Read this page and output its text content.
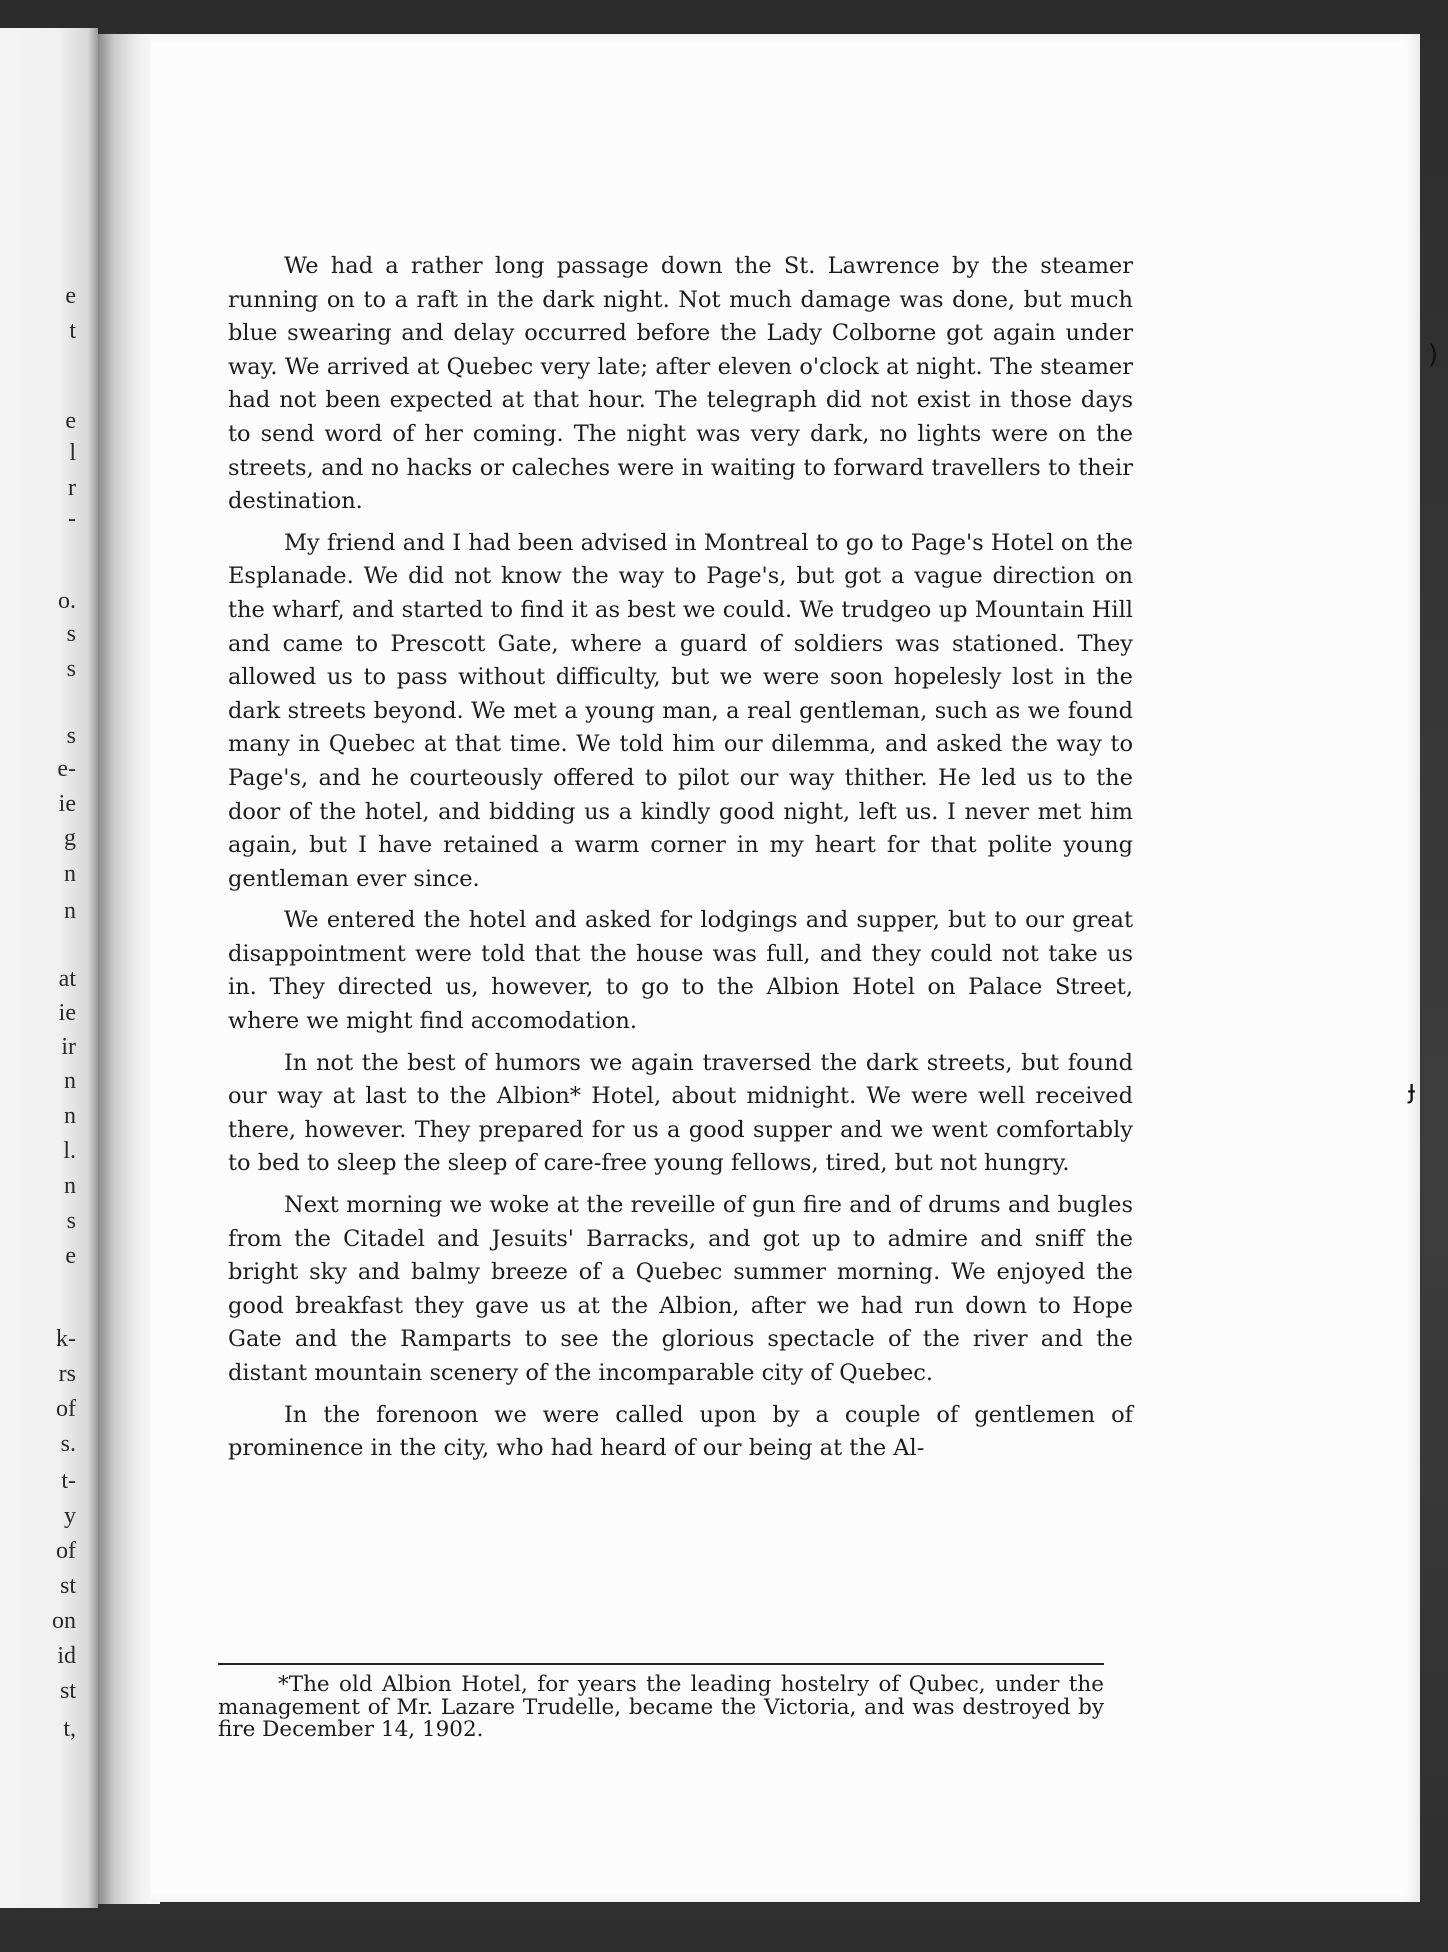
e
t
e
l
r
-
o.
s
s
s
e-
ie
g
n
n
at
ie
ir
n
n
l.
n
s
e
k-
rs
of
s.
t-
y
of
st
on
id
st
t,

We had a rather long passage down the St. Lawrence by the steamer running on to a raft in the dark night. Not much damage was done, but much blue swearing and delay occurred before the Lady Colborne got again under way. We arrived at Quebec very late; after eleven o'clock at night. The steamer had not been expected at that hour. The telegraph did not exist in those days to send word of her coming. The night was very dark, no lights were on the streets, and no hacks or caleches were in waiting to forward travellers to their destination.

My friend and I had been advised in Montreal to go to Page's Hotel on the Esplanade. We did not know the way to Page's, but got a vague direction on the wharf, and started to find it as best we could. We trudgeo up Mountain Hill and came to Prescott Gate, where a guard of soldiers was stationed. They allowed us to pass without difficulty, but we were soon hopelesly lost in the dark streets beyond. We met a young man, a real gentleman, such as we found many in Quebec at that time. We told him our dilemma, and asked the way to Page's, and he courteously offered to pilot our way thither. He led us to the door of the hotel, and bidding us a kindly good night, left us. I never met him again, but I have retained a warm corner in my heart for that polite young gentleman ever since.

We entered the hotel and asked for lodgings and supper, but to our great disappointment were told that the house was full, and they could not take us in. They directed us, however, to go to the Albion Hotel on Palace Street, where we might find accomodation.

In not the best of humors we again traversed the dark streets, but found our way at last to the Albion* Hotel, about midnight. We were well received there, however. They prepared for us a good supper and we went comfortably to bed to sleep the sleep of care-free young fellows, tired, but not hungry.

Next morning we woke at the reveille of gun fire and of drums and bugles from the Citadel and Jesuits' Barracks, and got up to admire and sniff the bright sky and balmy breeze of a Quebec summer morning. We enjoyed the good breakfast they gave us at the Albion, after we had run down to Hope Gate and the Ramparts to see the glorious spectacle of the river and the distant mountain scenery of the incomparable city of Quebec.

In the forenoon we were called upon by a couple of gentlemen of prominence in the city, who had heard of our being at the Al-

*The old Albion Hotel, for years the leading hostelry of Qubec, under the management of Mr. Lazare Trudelle, became the Victoria, and was destroyed by fire December 14, 1902.

)
ɟ
